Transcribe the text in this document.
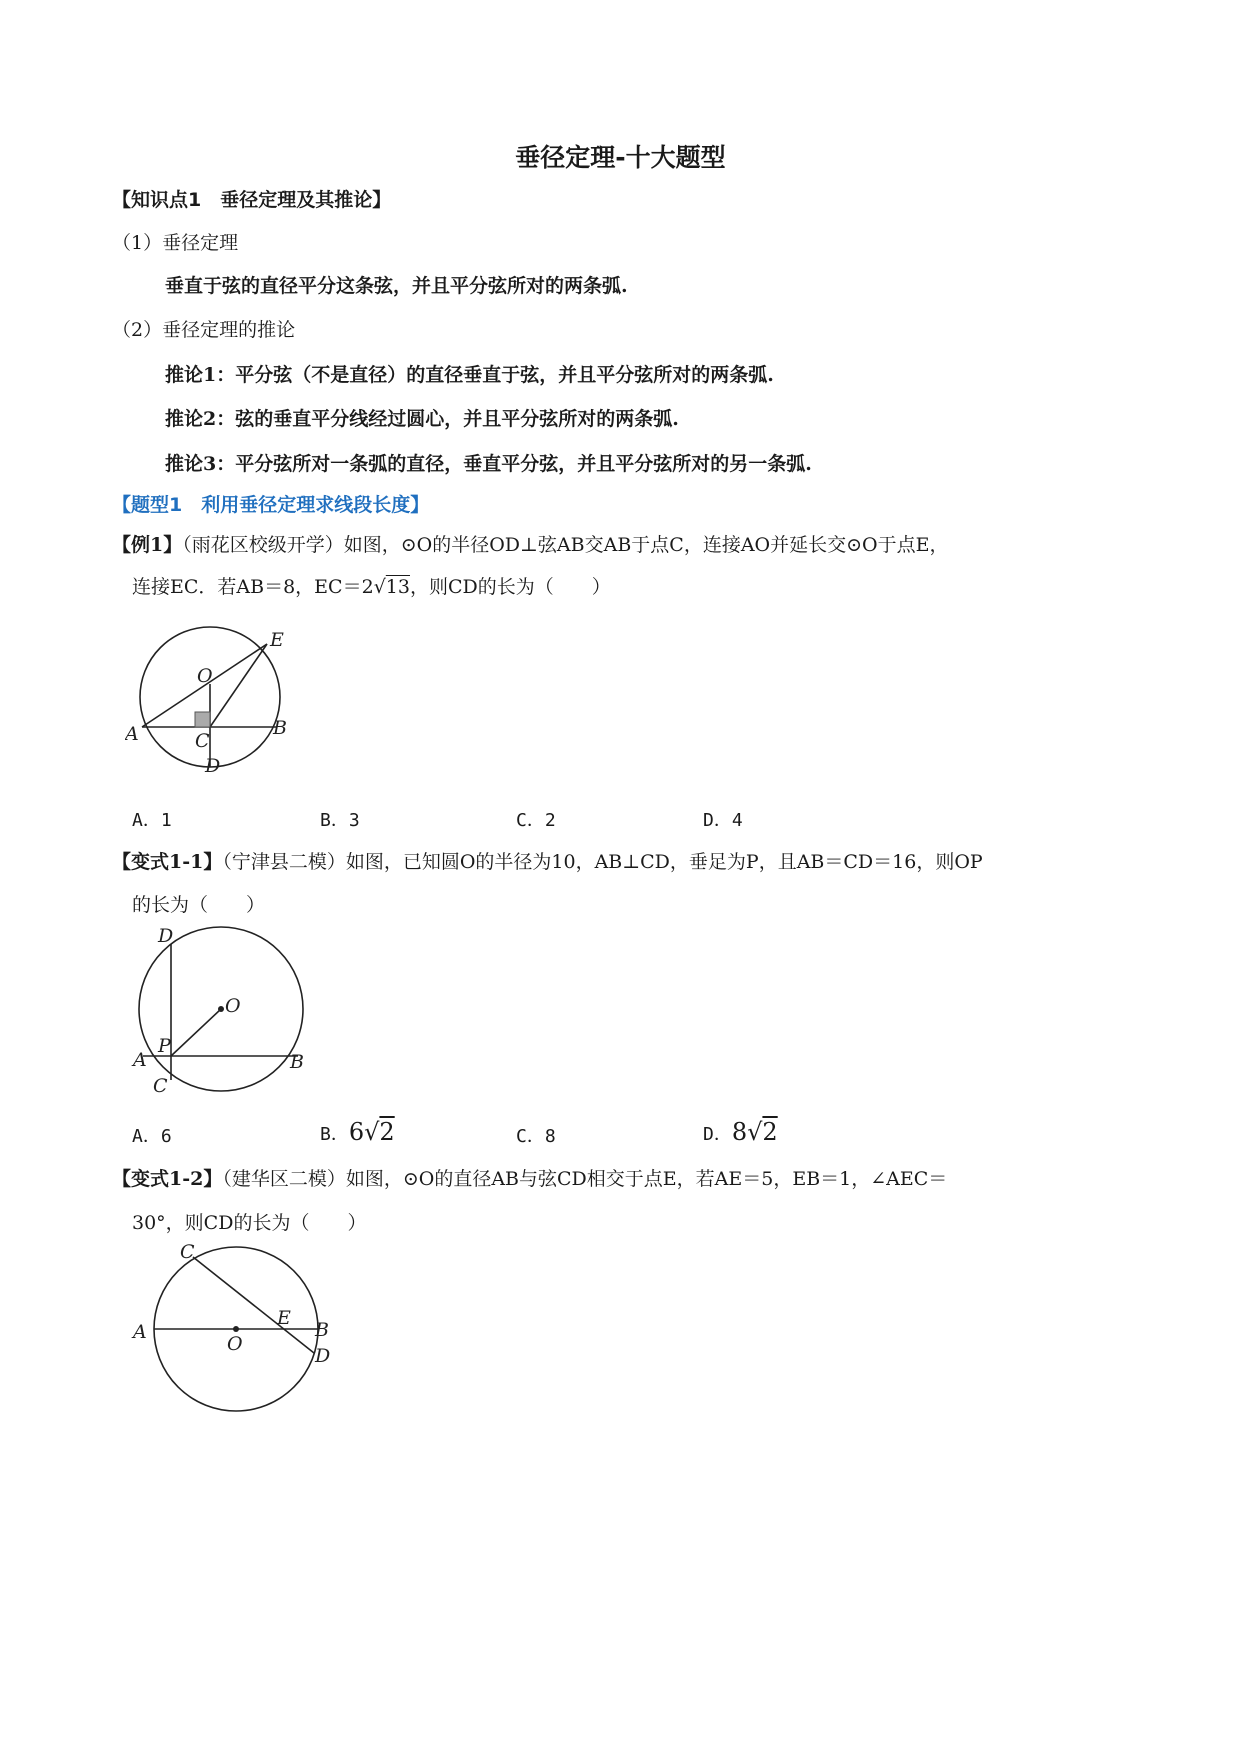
垂径定理-十大题型
【知识点1　垂径定理及其推论】
（1）垂径定理
垂直于弦的直径平分这条弦，并且平分弦所对的两条弧.
（2）垂径定理的推论
推论1：平分弦（不是直径）的直径垂直于弦，并且平分弦所对的两条弧.
推论2：弦的垂直平分线经过圆心，并且平分弦所对的两条弧.
推论3：平分弦所对一条弧的直径，垂直平分弦，并且平分弦所对的另一条弧.
【题型1　利用垂径定理求线段长度】
【例1】（雨花区校级开学）如图，⊙O的半径OD⊥弦AB交AB于点C，连接AO并延长交⊙O于点E，
连接EC．若AB＝8，EC＝2√13，则CD的长为（　　）
A	B
C
D
E
O
A．1	B．3	C．2	D．4
【变式1-1】（宁津县二模）如图，已知圆O的半径为10，AB⊥CD，垂足为P，且AB＝CD＝16，则OP
的长为（　　）
D
O
P
A	B
C
A．6	B．6√2	C．8	D．8√2
【变式1-2】（建华区二模）如图，⊙O的直径AB与弦CD相交于点E，若AE＝5，EB＝1，∠AEC＝
30°，则CD的长为（　　）
C
E
A	B
O
D
